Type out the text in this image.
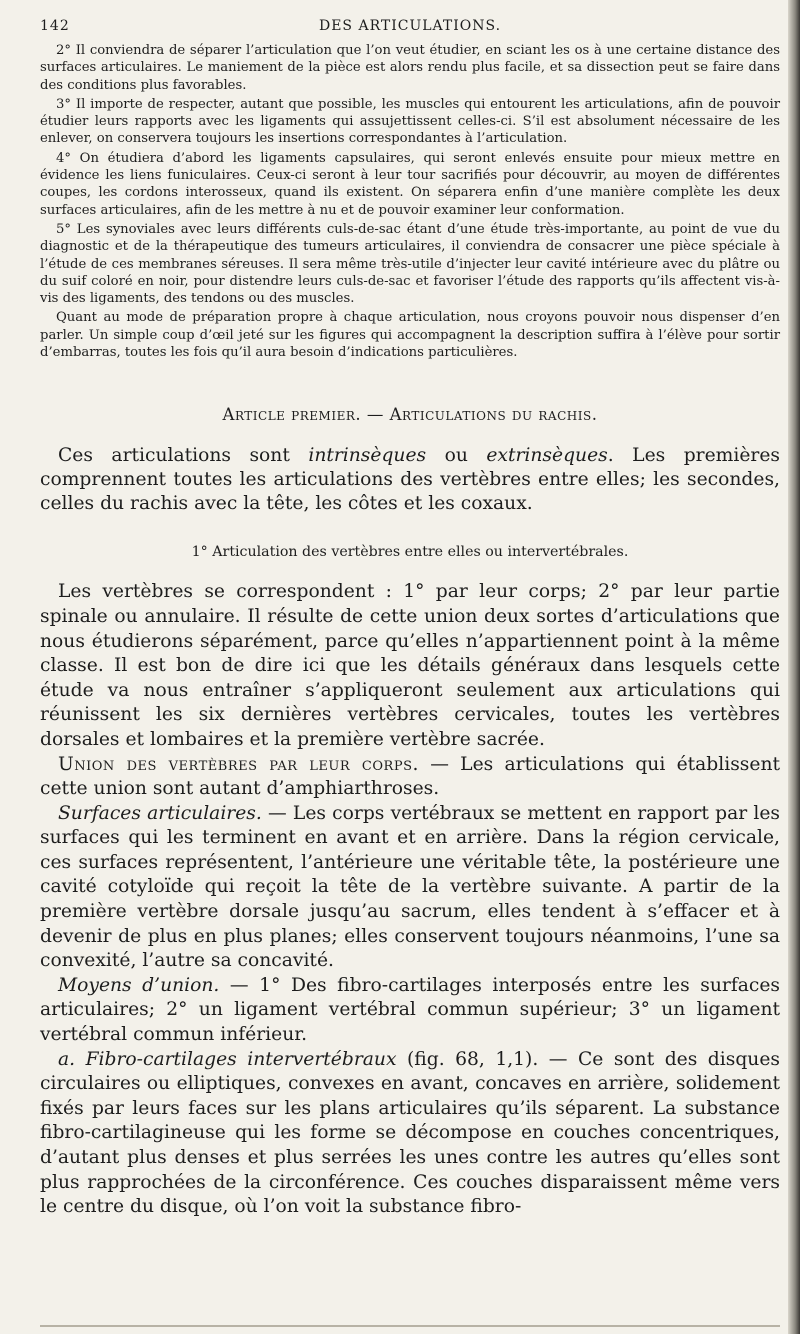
142	DES ARTICULATIONS.

2° Il conviendra de séparer l’articulation que l’on veut étudier, en sciant les os à une certaine distance des surfaces articulaires. Le maniement de la pièce est alors rendu plus facile, et sa dissection peut se faire dans des conditions plus favorables.

3° Il importe de respecter, autant que possible, les muscles qui entourent les articulations, afin de pouvoir étudier leurs rapports avec les ligaments qui assujettissent celles-ci. S’il est absolument nécessaire de les enlever, on conservera toujours les insertions correspondantes à l’articulation.

4° On étudiera d’abord les ligaments capsulaires, qui seront enlevés ensuite pour mieux mettre en évidence les liens funiculaires. Ceux-ci seront à leur tour sacrifiés pour découvrir, au moyen de différentes coupes, les cordons interosseux, quand ils existent. On séparera enfin d’une manière complète les deux surfaces articulaires, afin de les mettre à nu et de pouvoir examiner leur conformation.

5° Les synoviales avec leurs différents culs-de-sac étant d’une étude très-importante, au point de vue du diagnostic et de la thérapeutique des tumeurs articulaires, il conviendra de consacrer une pièce spéciale à l’étude de ces membranes séreuses. Il sera même très-utile d’injecter leur cavité intérieure avec du plâtre ou du suif coloré en noir, pour distendre leurs culs-de-sac et favoriser l’étude des rapports qu’ils affectent vis-à-vis des ligaments, des tendons ou des muscles.

Quant au mode de préparation propre à chaque articulation, nous croyons pouvoir nous dispenser d’en parler. Un simple coup d’œil jeté sur les figures qui accompagnent la description suffira à l’élève pour sortir d’embarras, toutes les fois qu’il aura besoin d’indications particulières.

Article premier. — Articulations du rachis.

Ces articulations sont intrinsèques ou extrinsèques. Les premières comprennent toutes les articulations des vertèbres entre elles; les secondes, celles du rachis avec la tête, les côtes et les coxaux.

1° Articulation des vertèbres entre elles ou intervertébrales.

Les vertèbres se correspondent : 1° par leur corps; 2° par leur partie spinale ou annulaire. Il résulte de cette union deux sortes d’articulations que nous étudierons séparément, parce qu’elles n’appartiennent point à la même classe. Il est bon de dire ici que les détails généraux dans lesquels cette étude va nous entraîner s’appliqueront seulement aux articulations qui réunissent les six dernières vertèbres cervicales, toutes les vertèbres dorsales et lombaires et la première vertèbre sacrée.

Union des vertèbres par leur corps. — Les articulations qui établissent cette union sont autant d’amphiarthroses.

Surfaces articulaires. — Les corps vertébraux se mettent en rapport par les surfaces qui les terminent en avant et en arrière. Dans la région cervicale, ces surfaces représentent, l’antérieure une véritable tête, la postérieure une cavité cotyloïde qui reçoit la tête de la vertèbre suivante. A partir de la première vertèbre dorsale jusqu’au sacrum, elles tendent à s’effacer et à devenir de plus en plus planes; elles conservent toujours néanmoins, l’une sa convexité, l’autre sa concavité.

Moyens d’union. — 1° Des fibro-cartilages interposés entre les surfaces articulaires; 2° un ligament vertébral commun supérieur; 3° un ligament vertébral commun inférieur.

a. Fibro-cartilages intervertébraux (fig. 68, 1,1). — Ce sont des disques circulaires ou elliptiques, convexes en avant, concaves en arrière, solidement fixés par leurs faces sur les plans articulaires qu’ils séparent. La substance fibro-cartilagineuse qui les forme se décompose en couches concentriques, d’autant plus denses et plus serrées les unes contre les autres qu’elles sont plus rapprochées de la circonférence. Ces couches disparaissent même vers le centre du disque, où l’on voit la substance fibro-
